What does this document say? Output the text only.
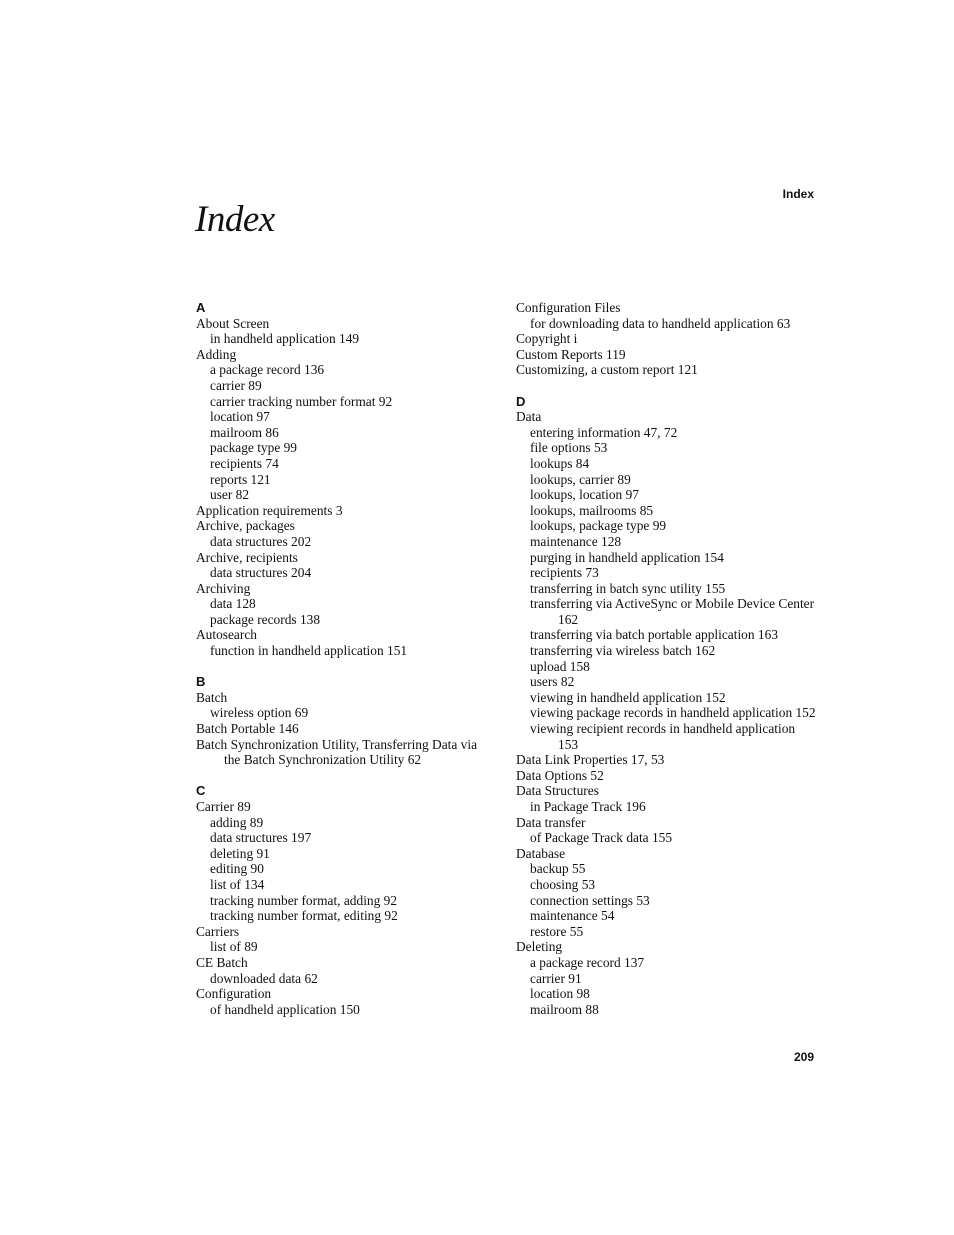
Index
Index
A
About Screen
in handheld application 149
Adding
a package record 136
carrier 89
carrier tracking number format 92
location 97
mailroom 86
package type 99
recipients 74
reports 121
user 82
Application requirements 3
Archive, packages
data structures 202
Archive, recipients
data structures 204
Archiving
data 128
package records 138
Autosearch
function in handheld application 151
B
Batch
wireless option 69
Batch Portable 146
Batch Synchronization Utility, Transferring Data via the Batch Synchronization Utility 62
C
Carrier 89
adding 89
data structures 197
deleting 91
editing 90
list of 134
tracking number format, adding 92
tracking number format, editing 92
Carriers
list of 89
CE Batch
downloaded data 62
Configuration
of handheld application 150
Configuration Files
for downloading data to handheld application 63
Copyright i
Custom Reports 119
Customizing, a custom report 121
D
Data
entering information 47, 72
file options 53
lookups 84
lookups, carrier 89
lookups, location 97
lookups, mailrooms 85
lookups, package type 99
maintenance 128
purging in handheld application 154
recipients 73
transferring in batch sync utility 155
transferring via ActiveSync or Mobile Device Center 162
transferring via batch portable application 163
transferring via wireless batch 162
upload 158
users 82
viewing in handheld application 152
viewing package records in handheld application 152
viewing recipient records in handheld application 153
Data Link Properties 17, 53
Data Options 52
Data Structures
in Package Track 196
Data transfer
of Package Track data 155
Database
backup 55
choosing 53
connection settings 53
maintenance 54
restore 55
Deleting
a package record 137
carrier 91
location 98
mailroom 88
209
